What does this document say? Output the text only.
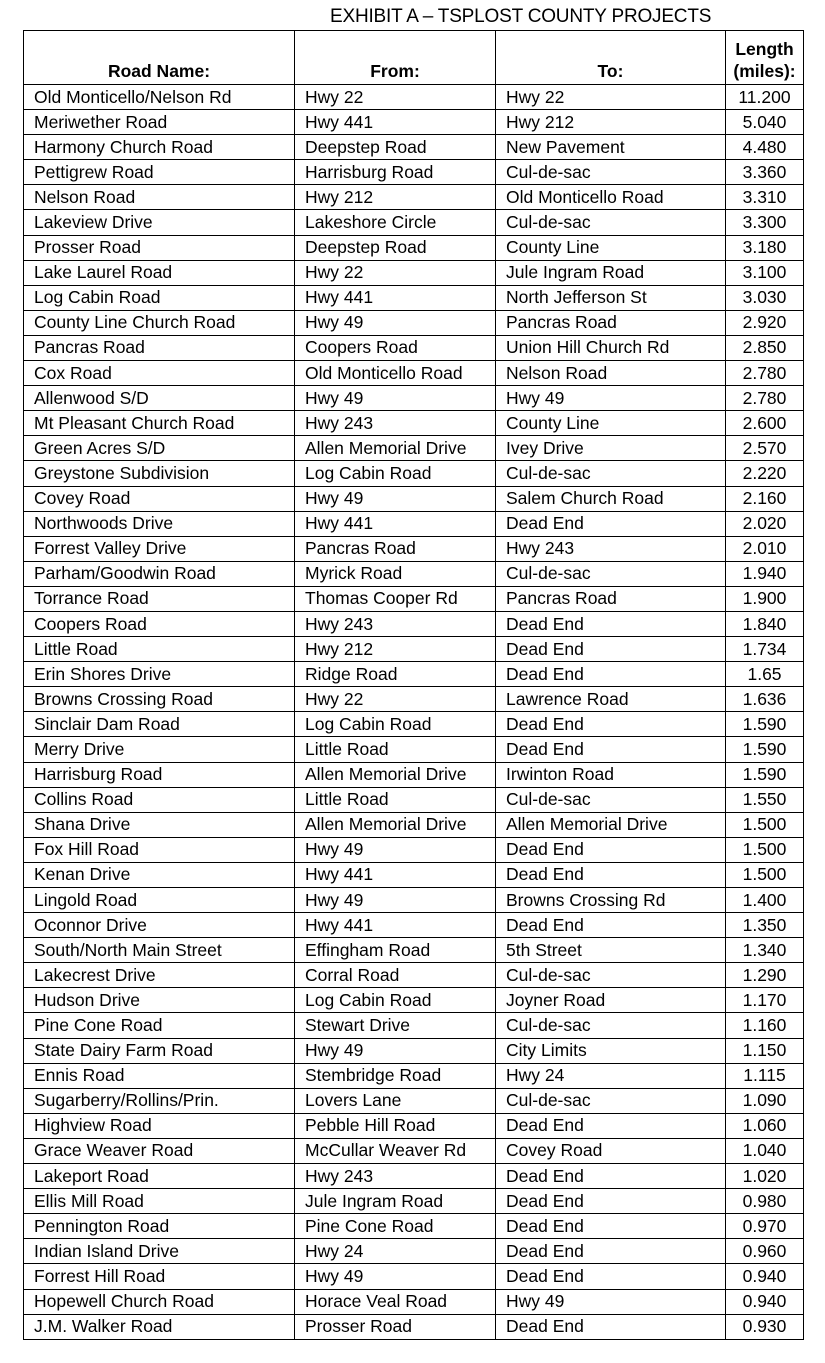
EXHIBIT A – TSPLOST COUNTY PROJECTS
Road Name:	From:	To:	Length
(miles):
Old Monticello/Nelson Rd	Hwy 22	Hwy 22	11.200
Meriwether Road	Hwy 441	Hwy 212	5.040
Harmony Church Road	Deepstep Road	New Pavement	4.480
Pettigrew Road	Harrisburg Road	Cul-de-sac	3.360
Nelson Road	Hwy 212	Old Monticello Road	3.310
Lakeview Drive	Lakeshore Circle	Cul-de-sac	3.300
Prosser Road	Deepstep Road	County Line	3.180
Lake Laurel Road	Hwy 22	Jule Ingram Road	3.100
Log Cabin Road	Hwy 441	North Jefferson St	3.030
County Line Church Road	Hwy 49	Pancras Road	2.920
Pancras Road	Coopers Road	Union Hill Church Rd	2.850
Cox Road	Old Monticello Road	Nelson Road	2.780
Allenwood S/D	Hwy 49	Hwy 49	2.780
Mt Pleasant Church Road	Hwy 243	County Line	2.600
Green Acres S/D	Allen Memorial Drive	Ivey Drive	2.570
Greystone Subdivision	Log Cabin Road	Cul-de-sac	2.220
Covey Road	Hwy 49	Salem Church Road	2.160
Northwoods Drive	Hwy 441	Dead End	2.020
Forrest Valley Drive	Pancras Road	Hwy 243	2.010
Parham/Goodwin Road	Myrick Road	Cul-de-sac	1.940
Torrance Road	Thomas Cooper Rd	Pancras Road	1.900
Coopers Road	Hwy 243	Dead End	1.840
Little Road	Hwy 212	Dead End	1.734
Erin Shores Drive	Ridge Road	Dead End	1.65
Browns Crossing Road	Hwy 22	Lawrence Road	1.636
Sinclair Dam Road	Log Cabin Road	Dead End	1.590
Merry Drive	Little Road	Dead End	1.590
Harrisburg Road	Allen Memorial Drive	Irwinton Road	1.590
Collins Road	Little Road	Cul-de-sac	1.550
Shana Drive	Allen Memorial Drive	Allen Memorial Drive	1.500
Fox Hill Road	Hwy 49	Dead End	1.500
Kenan Drive	Hwy 441	Dead End	1.500
Lingold Road	Hwy 49	Browns Crossing Rd	1.400
Oconnor Drive	Hwy 441	Dead End	1.350
South/North Main Street	Effingham Road	5th Street	1.340
Lakecrest Drive	Corral Road	Cul-de-sac	1.290
Hudson Drive	Log Cabin Road	Joyner Road	1.170
Pine Cone Road	Stewart Drive	Cul-de-sac	1.160
State Dairy Farm Road	Hwy 49	City Limits	1.150
Ennis Road	Stembridge Road	Hwy 24	1.115
Sugarberry/Rollins/Prin.	Lovers Lane	Cul-de-sac	1.090
Highview Road	Pebble Hill Road	Dead End	1.060
Grace Weaver Road	McCullar Weaver Rd	Covey Road	1.040
Lakeport Road	Hwy 243	Dead End	1.020
Ellis Mill Road	Jule Ingram Road	Dead End	0.980
Pennington Road	Pine Cone Road	Dead End	0.970
Indian Island Drive	Hwy 24	Dead End	0.960
Forrest Hill Road	Hwy 49	Dead End	0.940
Hopewell Church Road	Horace Veal Road	Hwy 49	0.940
J.M. Walker Road	Prosser Road	Dead End	0.930
